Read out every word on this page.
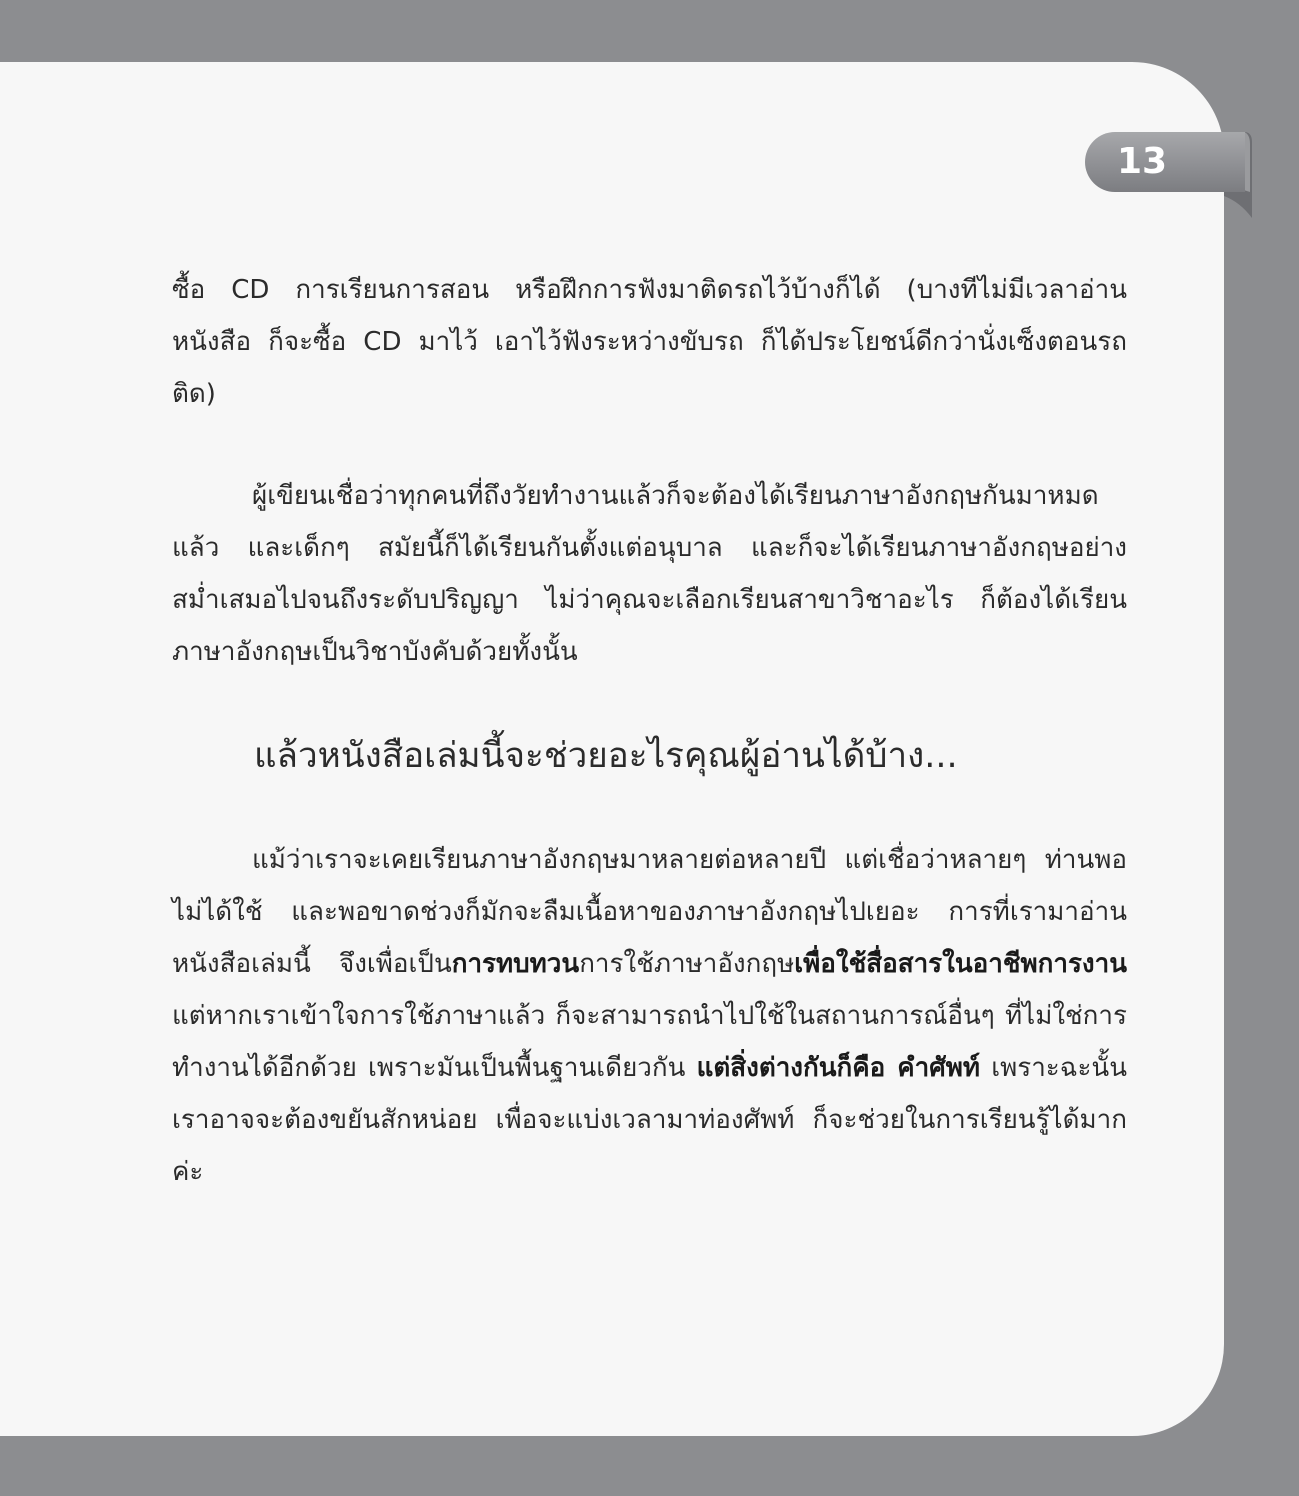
13

ซื้อ CD การเรียนการสอน หรือฝึกการฟังมาติดรถไว้บ้างก็ได้ (บางทีไม่มีเวลาอ่านหนังสือ ก็จะซื้อ CD มาไว้ เอาไว้ฟังระหว่างขับรถ ก็ได้ประโยชน์ดีกว่านั่งเซ็งตอนรถติด)

ผู้เขียนเชื่อว่าทุกคนที่ถึงวัยทำงานแล้วก็จะต้องได้เรียนภาษาอังกฤษกันมาหมดแล้ว และเด็กๆ สมัยนี้ก็ได้เรียนกันตั้งแต่อนุบาล และก็จะได้เรียนภาษาอังกฤษอย่างสม่ำเสมอไปจนถึงระดับปริญญา ไม่ว่าคุณจะเลือกเรียนสาขาวิชาอะไร ก็ต้องได้เรียนภาษาอังกฤษเป็นวิชาบังคับด้วยทั้งนั้น

แล้วหนังสือเล่มนี้จะช่วยอะไรคุณผู้อ่านได้บ้าง...

แม้ว่าเราจะเคยเรียนภาษาอังกฤษมาหลายต่อหลายปี แต่เชื่อว่าหลายๆ ท่านพอไม่ได้ใช้ และพอขาดช่วงก็มักจะลืมเนื้อหาของภาษาอังกฤษไปเยอะ การที่เรามาอ่านหนังสือเล่มนี้ จึงเพื่อเป็นการทบทวนการใช้ภาษาอังกฤษเพื่อใช้สื่อสารในอาชีพการงาน แต่หากเราเข้าใจการใช้ภาษาแล้ว ก็จะสามารถนำไปใช้ในสถานการณ์อื่นๆ ที่ไม่ใช่การทำงานได้อีกด้วย เพราะมันเป็นพื้นฐานเดียวกัน แต่สิ่งต่างกันก็คือ คำศัพท์ เพราะฉะนั้นเราอาจจะต้องขยันสักหน่อย เพื่อจะแบ่งเวลามาท่องศัพท์ ก็จะช่วยในการเรียนรู้ได้มากค่ะ
